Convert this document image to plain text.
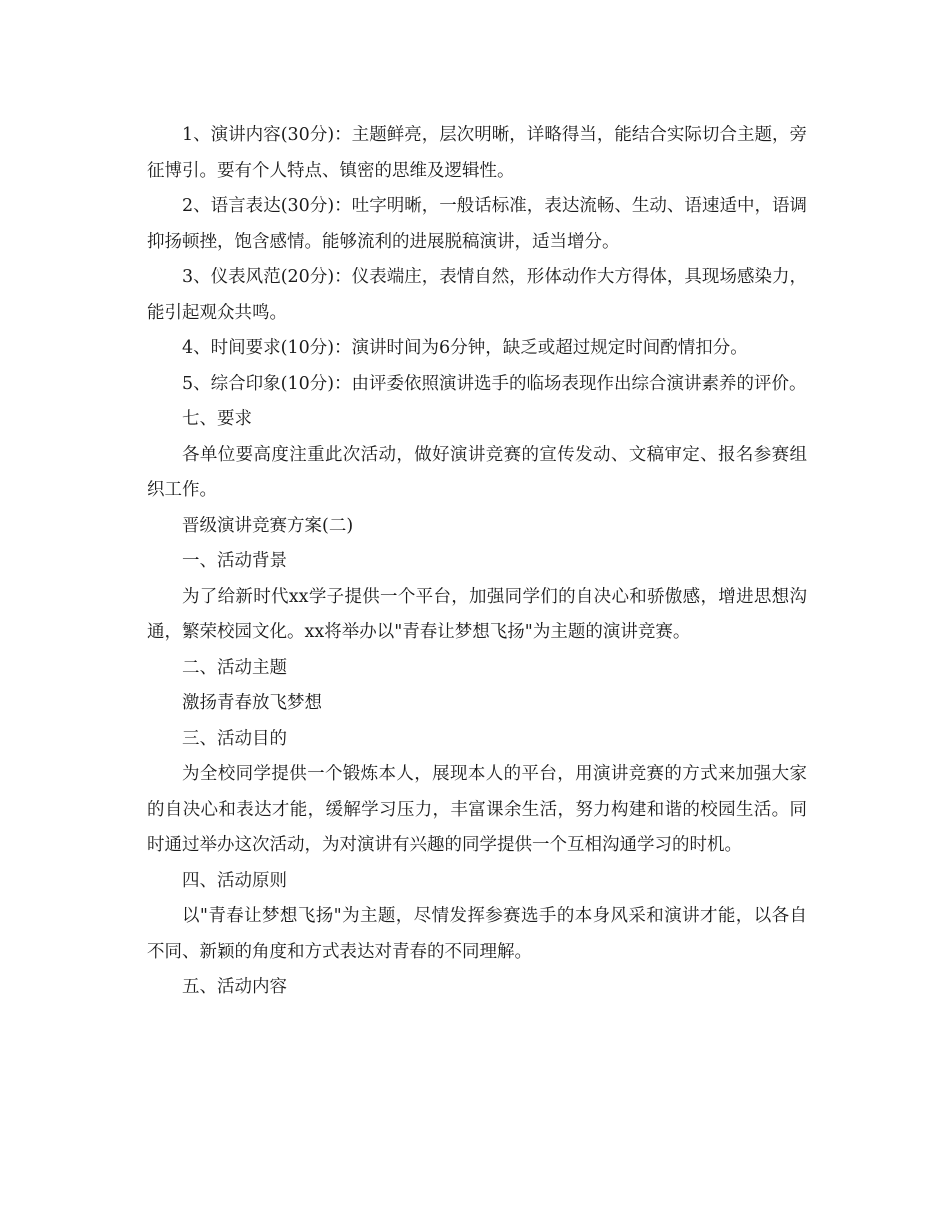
1、演讲内容(30分)：主题鲜亮，层次明晰，详略得当，能结合实际切合主题，旁征博引。要有个人特点、镇密的思维及逻辑性。

2、语言表达(30分)：吐字明晰，一般话标准，表达流畅、生动、语速适中，语调抑扬顿挫，饱含感情。能够流利的进展脱稿演讲，适当增分。

3、仪表风范(20分)：仪表端庄，表情自然，形体动作大方得体，具现场感染力，能引起观众共鸣。

4、时间要求(10分)：演讲时间为6分钟，缺乏或超过规定时间酌情扣分。

5、综合印象(10分)：由评委依照演讲选手的临场表现作出综合演讲素养的评价。

七、要求

各单位要高度注重此次活动，做好演讲竞赛的宣传发动、文稿审定、报名参赛组织工作。

晋级演讲竞赛方案(二)

一、活动背景

为了给新时代xx学子提供一个平台，加强同学们的自决心和骄傲感，增进思想沟通，繁荣校园文化。xx将举办以"青春让梦想飞扬"为主题的演讲竞赛。

二、活动主题

激扬青春放飞梦想

三、活动目的

为全校同学提供一个锻炼本人，展现本人的平台，用演讲竞赛的方式来加强大家的自决心和表达才能，缓解学习压力，丰富课余生活，努力构建和谐的校园生活。同时通过举办这次活动，为对演讲有兴趣的同学提供一个互相沟通学习的时机。

四、活动原则

以"青春让梦想飞扬"为主题，尽情发挥参赛选手的本身风采和演讲才能，以各自不同、新颖的角度和方式表达对青春的不同理解。

五、活动内容
